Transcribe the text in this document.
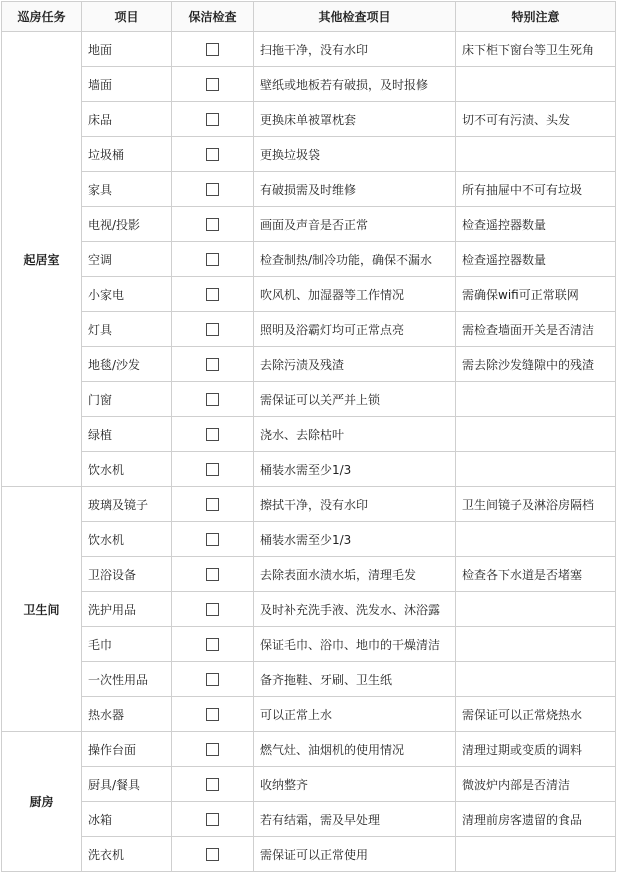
巡房任务	项目	保洁检查	其他检查项目	特别注意
起居室	地面		扫拖干净，没有水印	床下柜下窗台等卫生死角
	墙面		壁纸或地板若有破损，及时报修	
	床品		更换床单被罩枕套	切不可有污渍、头发
	垃圾桶		更换垃圾袋	
	家具		有破损需及时维修	所有抽屉中不可有垃圾
	电视/投影		画面及声音是否正常	检查遥控器数量
	空调		检查制热/制冷功能，确保不漏水	检查遥控器数量
	小家电		吹风机、加湿器等工作情况	需确保wifi可正常联网
	灯具		照明及浴霸灯均可正常点亮	需检查墙面开关是否清洁
	地毯/沙发		去除污渍及残渣	需去除沙发缝隙中的残渣
	门窗		需保证可以关严并上锁	
	绿植		浇水、去除枯叶	
	饮水机		桶装水需至少1/3	
卫生间	玻璃及镜子		擦拭干净，没有水印	卫生间镜子及淋浴房隔档
	饮水机		桶装水需至少1/3	
	卫浴设备		去除表面水渍水垢，清理毛发	检查各下水道是否堵塞
	洗护用品		及时补充洗手液、洗发水、沐浴露	
	毛巾		保证毛巾、浴巾、地巾的干燥清洁	
	一次性用品		备齐拖鞋、牙刷、卫生纸	
	热水器		可以正常上水	需保证可以正常烧热水
厨房	操作台面		燃气灶、油烟机的使用情况	清理过期或变质的调料
	厨具/餐具		收纳整齐	微波炉内部是否清洁
	冰箱		若有结霜，需及早处理	清理前房客遗留的食品
	洗衣机		需保证可以正常使用	
